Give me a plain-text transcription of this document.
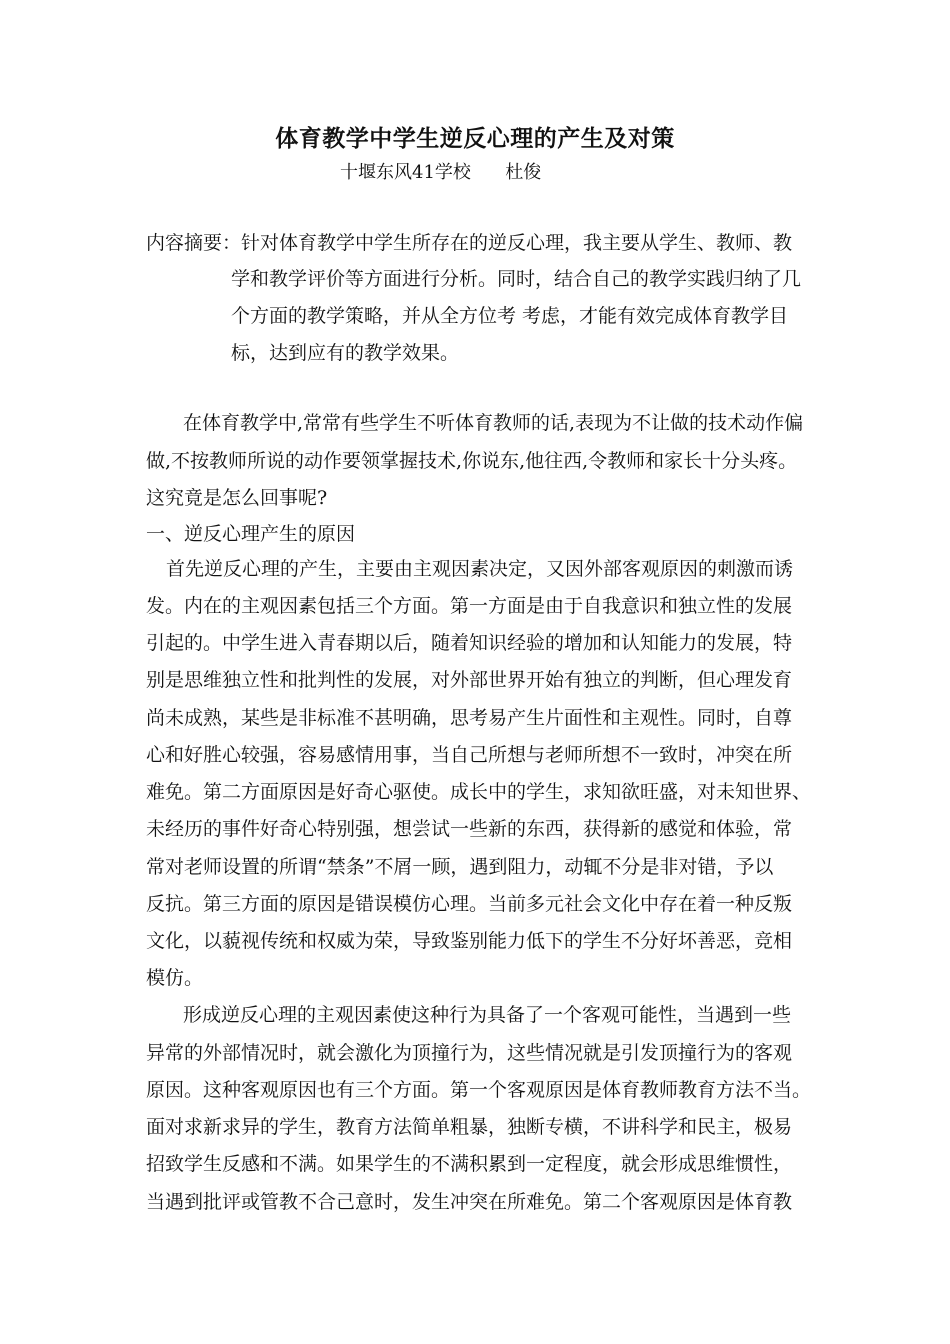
体育教学中学生逆反心理的产生及对策
十堰东风41学校      杜俊
内容摘要：针对体育教学中学生所存在的逆反心理，我主要从学生、教师、教
学和教学评价等方面进行分析。同时，结合自己的教学实践归纳了几
个方面的教学策略，并从全方位考 考虑，才能有效完成体育教学目
标，达到应有的教学效果。
在体育教学中,常常有些学生不听体育教师的话,表现为不让做的技术动作偏
做,不按教师所说的动作要领掌握技术,你说东,他往西,令教师和家长十分头疼。
这究竟是怎么回事呢?
一、逆反心理产生的原因
首先逆反心理的产生，主要由主观因素决定，又因外部客观原因的刺激而诱
发。内在的主观因素包括三个方面。第一方面是由于自我意识和独立性的发展
引起的。中学生进入青春期以后，随着知识经验的增加和认知能力的发展，特
别是思维独立性和批判性的发展，对外部世界开始有独立的判断，但心理发育
尚未成熟，某些是非标准不甚明确，思考易产生片面性和主观性。同时，自尊
心和好胜心较强，容易感情用事，当自己所想与老师所想不一致时，冲突在所
难免。第二方面原因是好奇心驱使。成长中的学生，求知欲旺盛，对未知世界、
未经历的事件好奇心特别强，想尝试一些新的东西，获得新的感觉和体验，常
常对老师设置的所谓“禁条”不屑一顾，遇到阻力，动辄不分是非对错，予以
反抗。第三方面的原因是错误模仿心理。当前多元社会文化中存在着一种反叛
文化，以藐视传统和权威为荣，导致鉴别能力低下的学生不分好坏善恶，竞相
模仿。
形成逆反心理的主观因素使这种行为具备了一个客观可能性，当遇到一些
异常的外部情况时，就会激化为顶撞行为，这些情况就是引发顶撞行为的客观
原因。这种客观原因也有三个方面。第一个客观原因是体育教师教育方法不当。
面对求新求异的学生，教育方法简单粗暴，独断专横，不讲科学和民主，极易
招致学生反感和不满。如果学生的不满积累到一定程度，就会形成思维惯性，
当遇到批评或管教不合己意时，发生冲突在所难免。第二个客观原因是体育教
